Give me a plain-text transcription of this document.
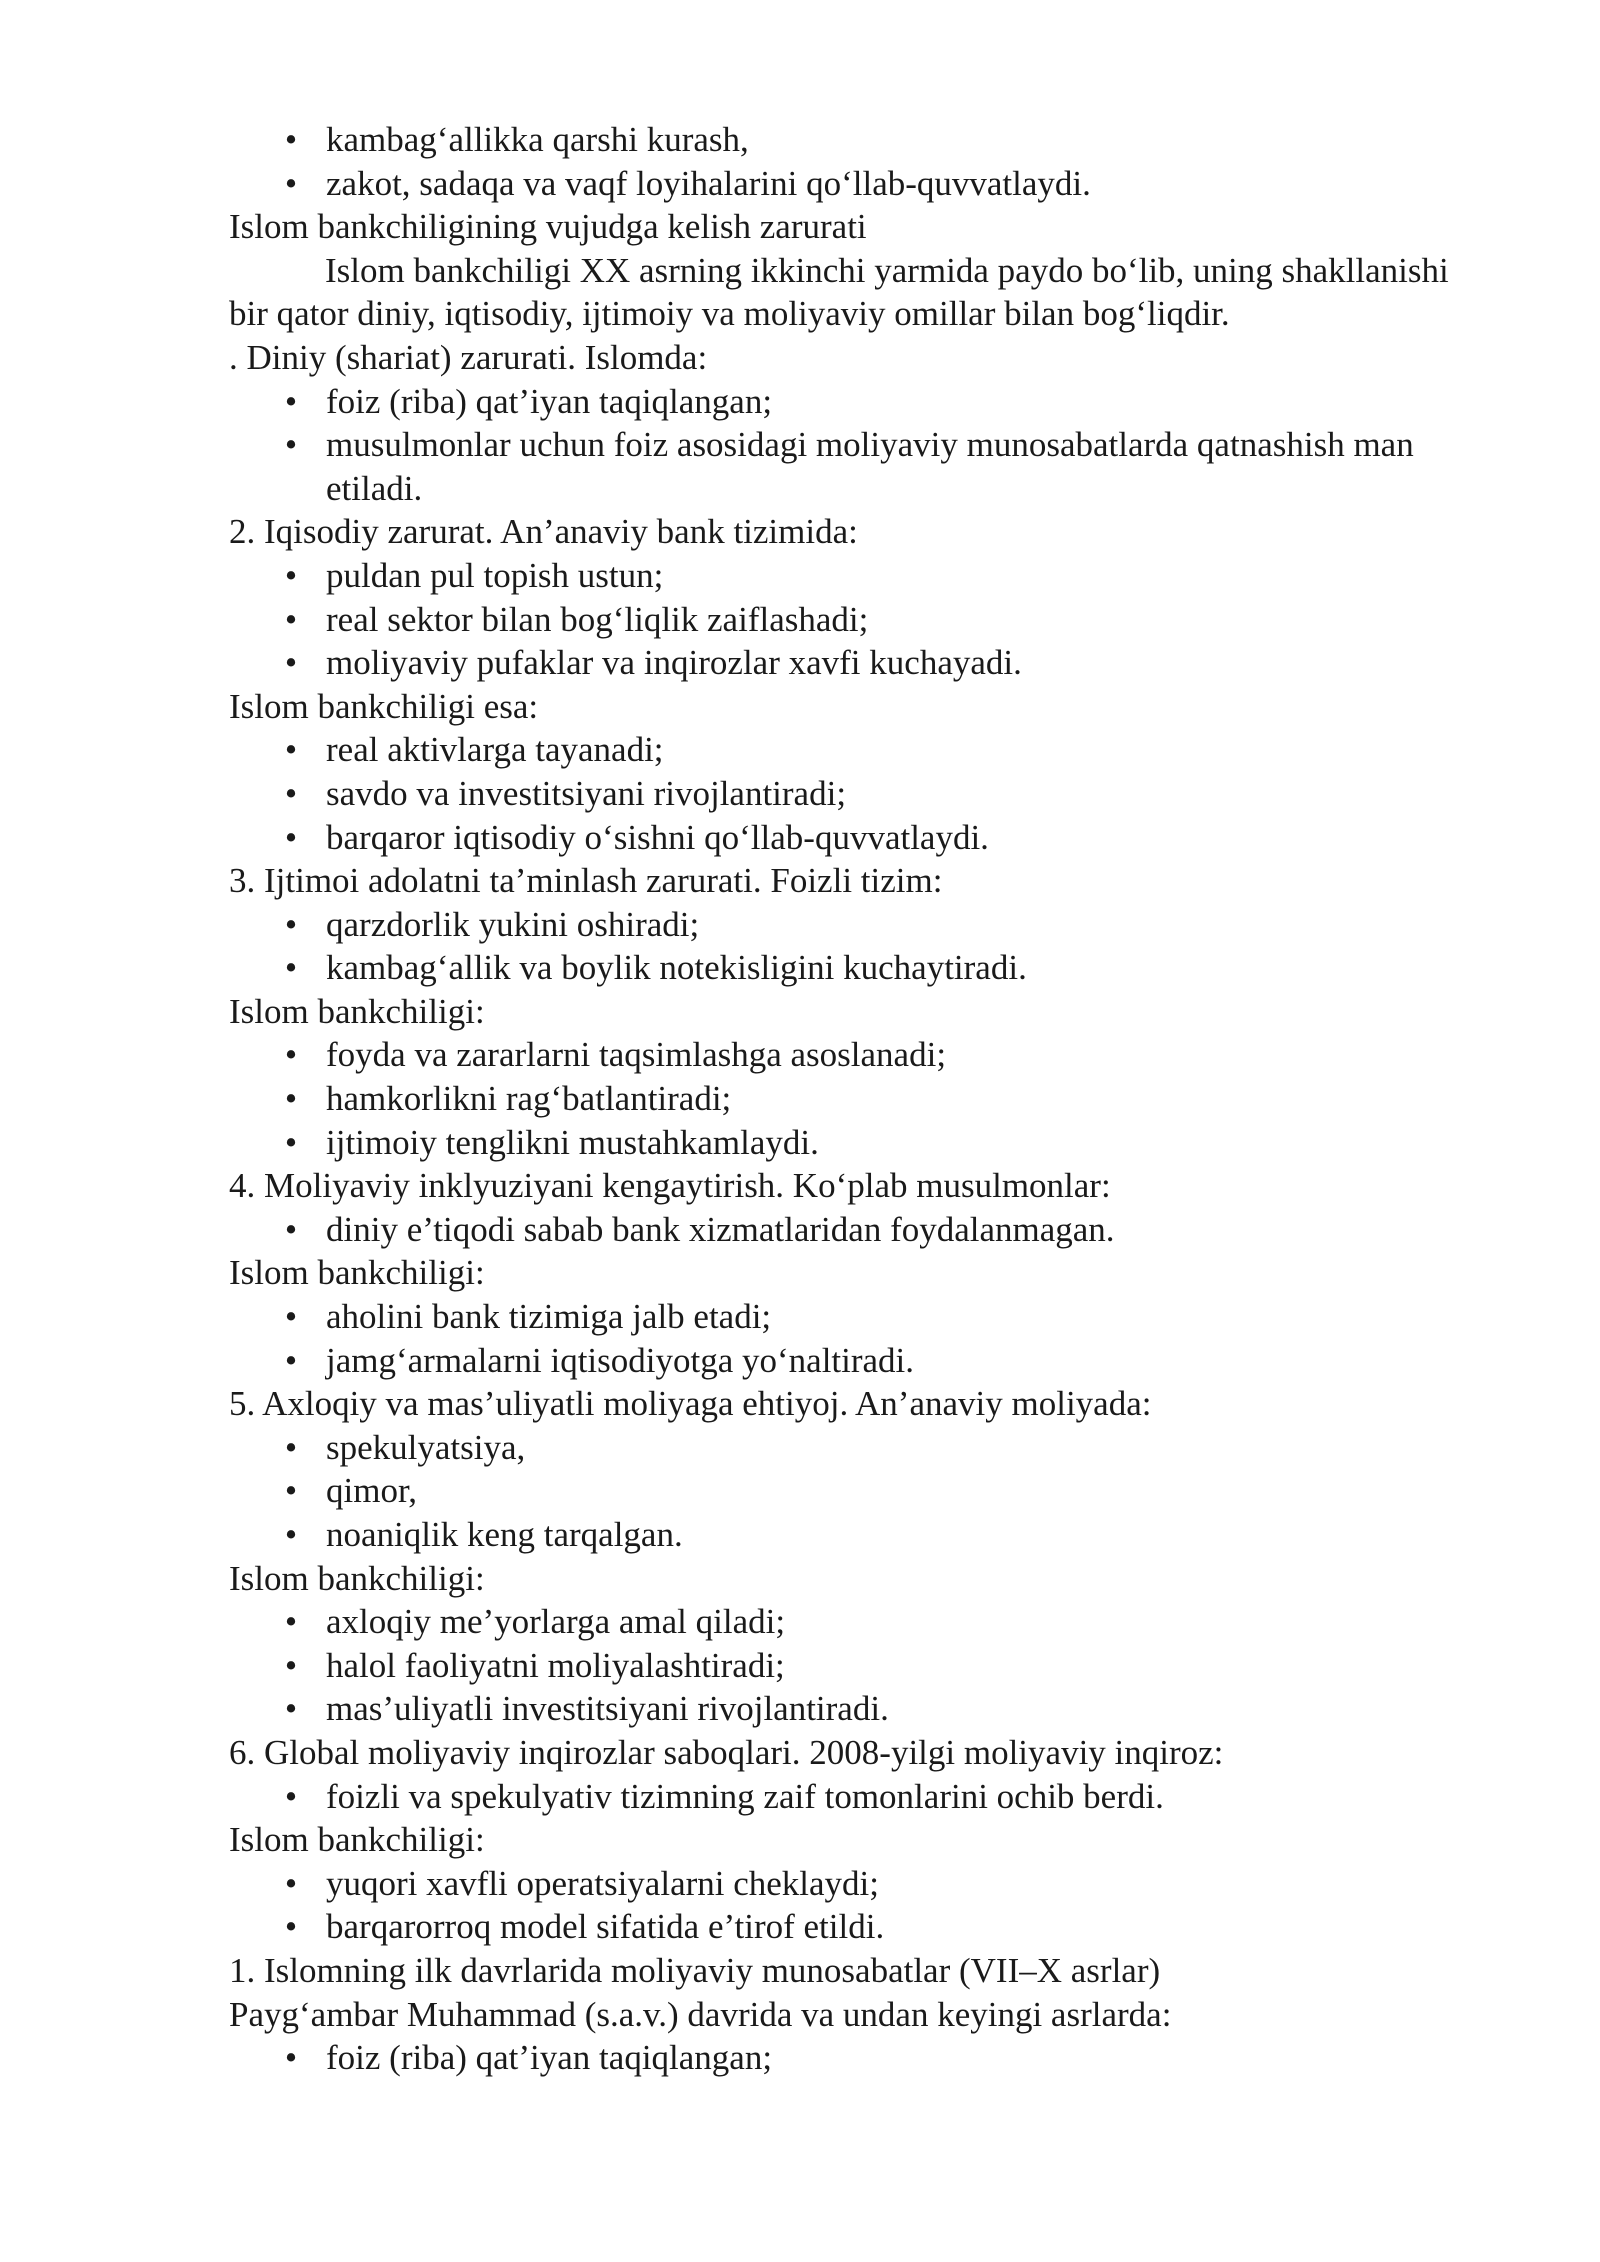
• kambag‘allikka qarshi kurash,
• zakot, sadaqa va vaqf loyihalarini qo‘llab-quvvatlaydi.

Islom bankchiligining vujudga kelish zarurati

Islom bankchiligi XX asrning ikkinchi yarmida paydo bo‘lib, uning shakllanishi bir qator diniy, iqtisodiy, ijtimoiy va moliyaviy omillar bilan bog‘liqdir.

. Diniy (shariat) zarurati. Islomda:

• foiz (riba) qat’iyan taqiqlangan;
• musulmonlar uchun foiz asosidagi moliyaviy munosabatlarda qatnashish man etiladi.

2. Iqisodiy zarurat. An’anaviy bank tizimida:

• puldan pul topish ustun;
• real sektor bilan bog‘liqlik zaiflashadi;
• moliyaviy pufaklar va inqirozlar xavfi kuchayadi.

Islom bankchiligi esa:

• real aktivlarga tayanadi;
• savdo va investitsiyani rivojlantiradi;
• barqaror iqtisodiy o‘sishni qo‘llab-quvvatlaydi.

3. Ijtimoi adolatni ta’minlash zarurati. Foizli tizim:

• qarzdorlik yukini oshiradi;
• kambag‘allik va boylik notekisligini kuchaytiradi.

Islom bankchiligi:

• foyda va zararlarni taqsimlashga asoslanadi;
• hamkorlikni rag‘batlantiradi;
• ijtimoiy tenglikni mustahkamlaydi.

4. Moliyaviy inklyuziyani kengaytirish. Ko‘plab musulmonlar:

• diniy e’tiqodi sabab bank xizmatlaridan foydalanmagan.

Islom bankchiligi:

• aholini bank tizimiga jalb etadi;
• jamg‘armalarni iqtisodiyotga yo‘naltiradi.

5. Axloqiy va mas’uliyatli moliyaga ehtiyoj. An’anaviy moliyada:

• spekulyatsiya,
• qimor,
• noaniqlik keng tarqalgan.

Islom bankchiligi:

• axloqiy me’yorlarga amal qiladi;
• halol faoliyatni moliyalashtiradi;
• mas’uliyatli investitsiyani rivojlantiradi.

6. Global moliyaviy inqirozlar saboqlari. 2008-yilgi moliyaviy inqiroz:

• foizli va spekulyativ tizimning zaif tomonlarini ochib berdi.

Islom bankchiligi:

• yuqori xavfli operatsiyalarni cheklaydi;
• barqarorroq model sifatida e’tirof etildi.

1. Islomning ilk davrlarida moliyaviy munosabatlar (VII–X asrlar)

Payg‘ambar Muhammad (s.a.v.) davrida va undan keyingi asrlarda:

• foiz (riba) qat’iyan taqiqlangan;
